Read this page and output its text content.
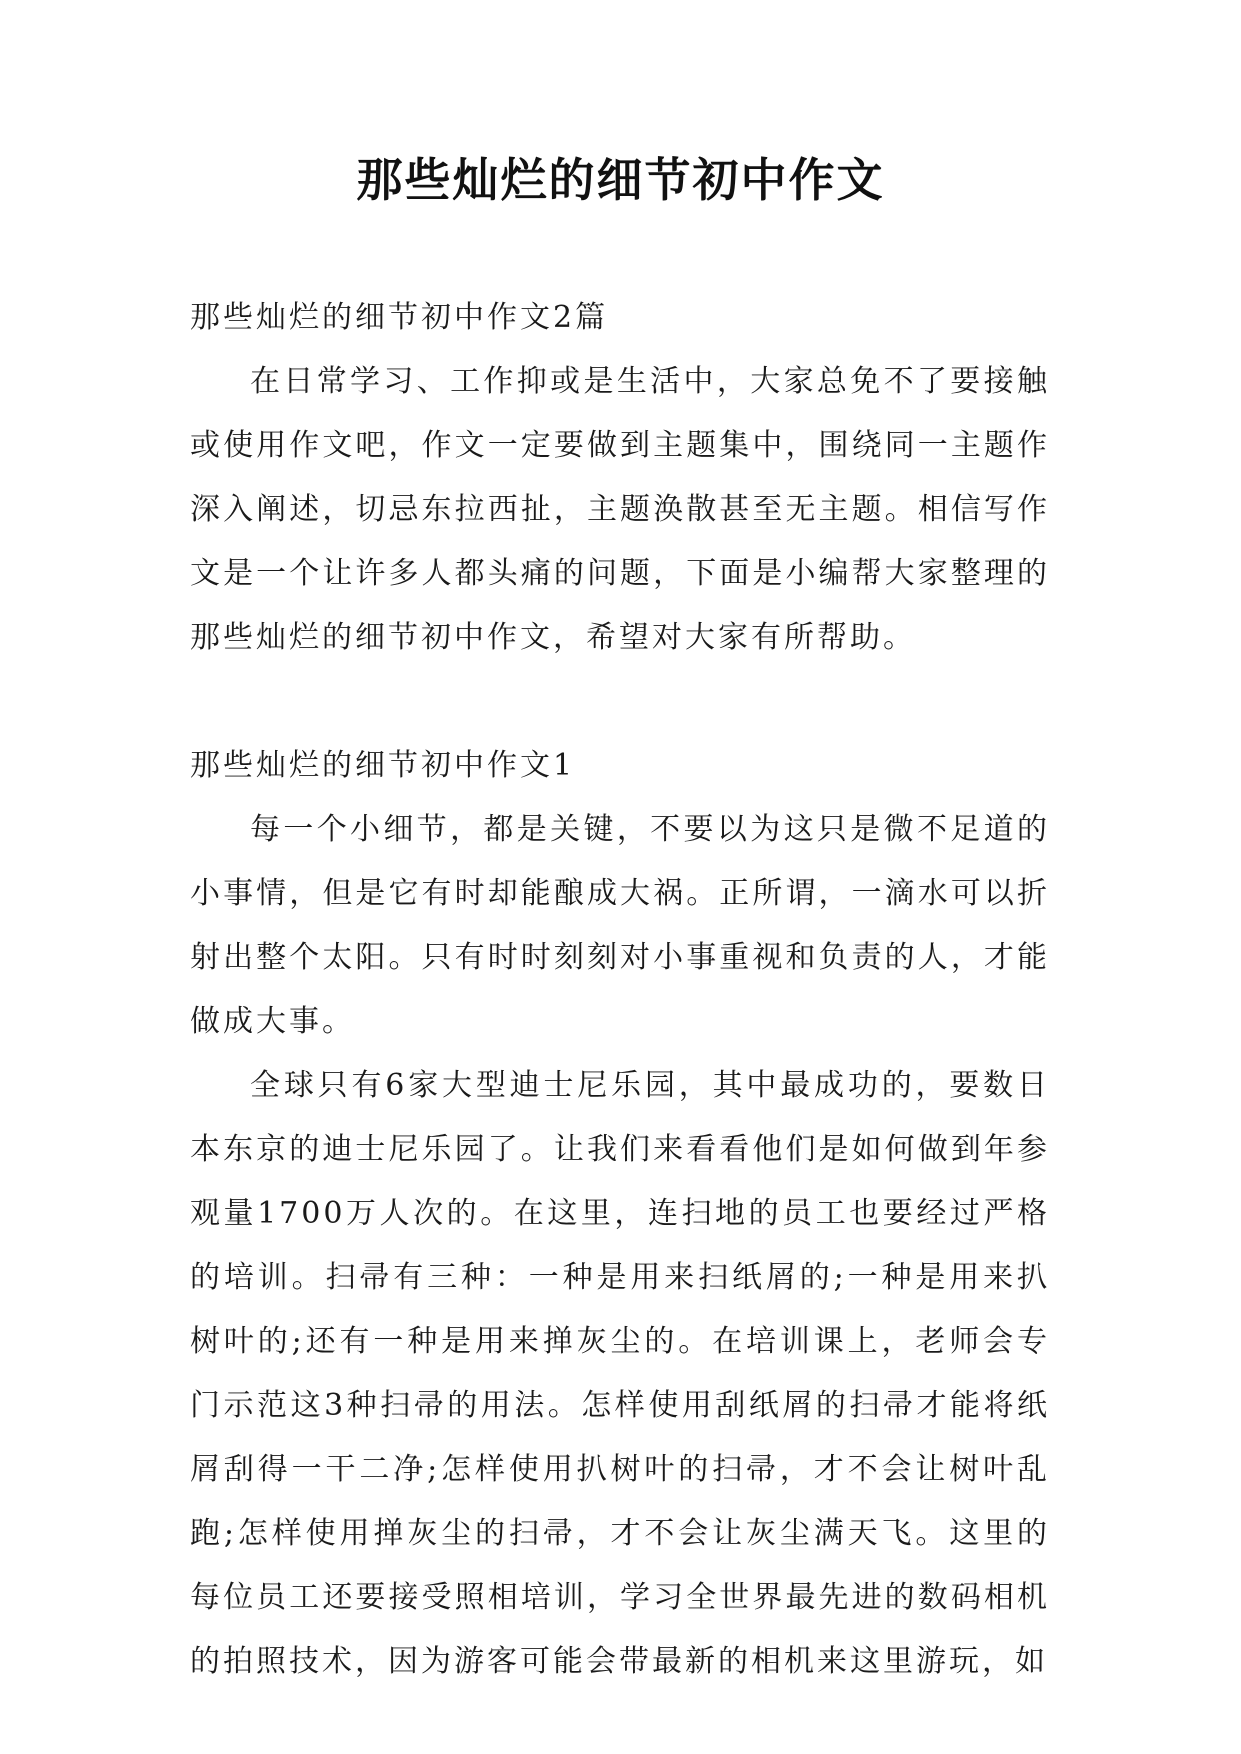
那些灿烂的细节初中作文

那些灿烂的细节初中作文2篇

在日常学习、工作抑或是生活中，大家总免不了要接触或使用作文吧，作文一定要做到主题集中，围绕同一主题作深入阐述，切忌东拉西扯，主题涣散甚至无主题。相信写作文是一个让许多人都头痛的问题，下面是小编帮大家整理的那些灿烂的细节初中作文，希望对大家有所帮助。

那些灿烂的细节初中作文1

每一个小细节，都是关键，不要以为这只是微不足道的小事情，但是它有时却能酿成大祸。正所谓，一滴水可以折射出整个太阳。只有时时刻刻对小事重视和负责的人，才能做成大事。

全球只有6家大型迪士尼乐园，其中最成功的，要数日本东京的迪士尼乐园了。让我们来看看他们是如何做到年参观量1700万人次的。在这里，连扫地的员工也要经过严格的培训。扫帚有三种：一种是用来扫纸屑的;一种是用来扒树叶的;还有一种是用来掸灰尘的。在培训课上，老师会专门示范这3种扫帚的用法。怎样使用刮纸屑的扫帚才能将纸屑刮得一干二净;怎样使用扒树叶的扫帚，才不会让树叶乱跑;怎样使用掸灰尘的扫帚，才不会让灰尘满天飞。这里的每位员工还要接受照相培训，学习全世界最先进的数码相机的拍照技术，因为游客可能会带最新的相机来这里游玩，如
